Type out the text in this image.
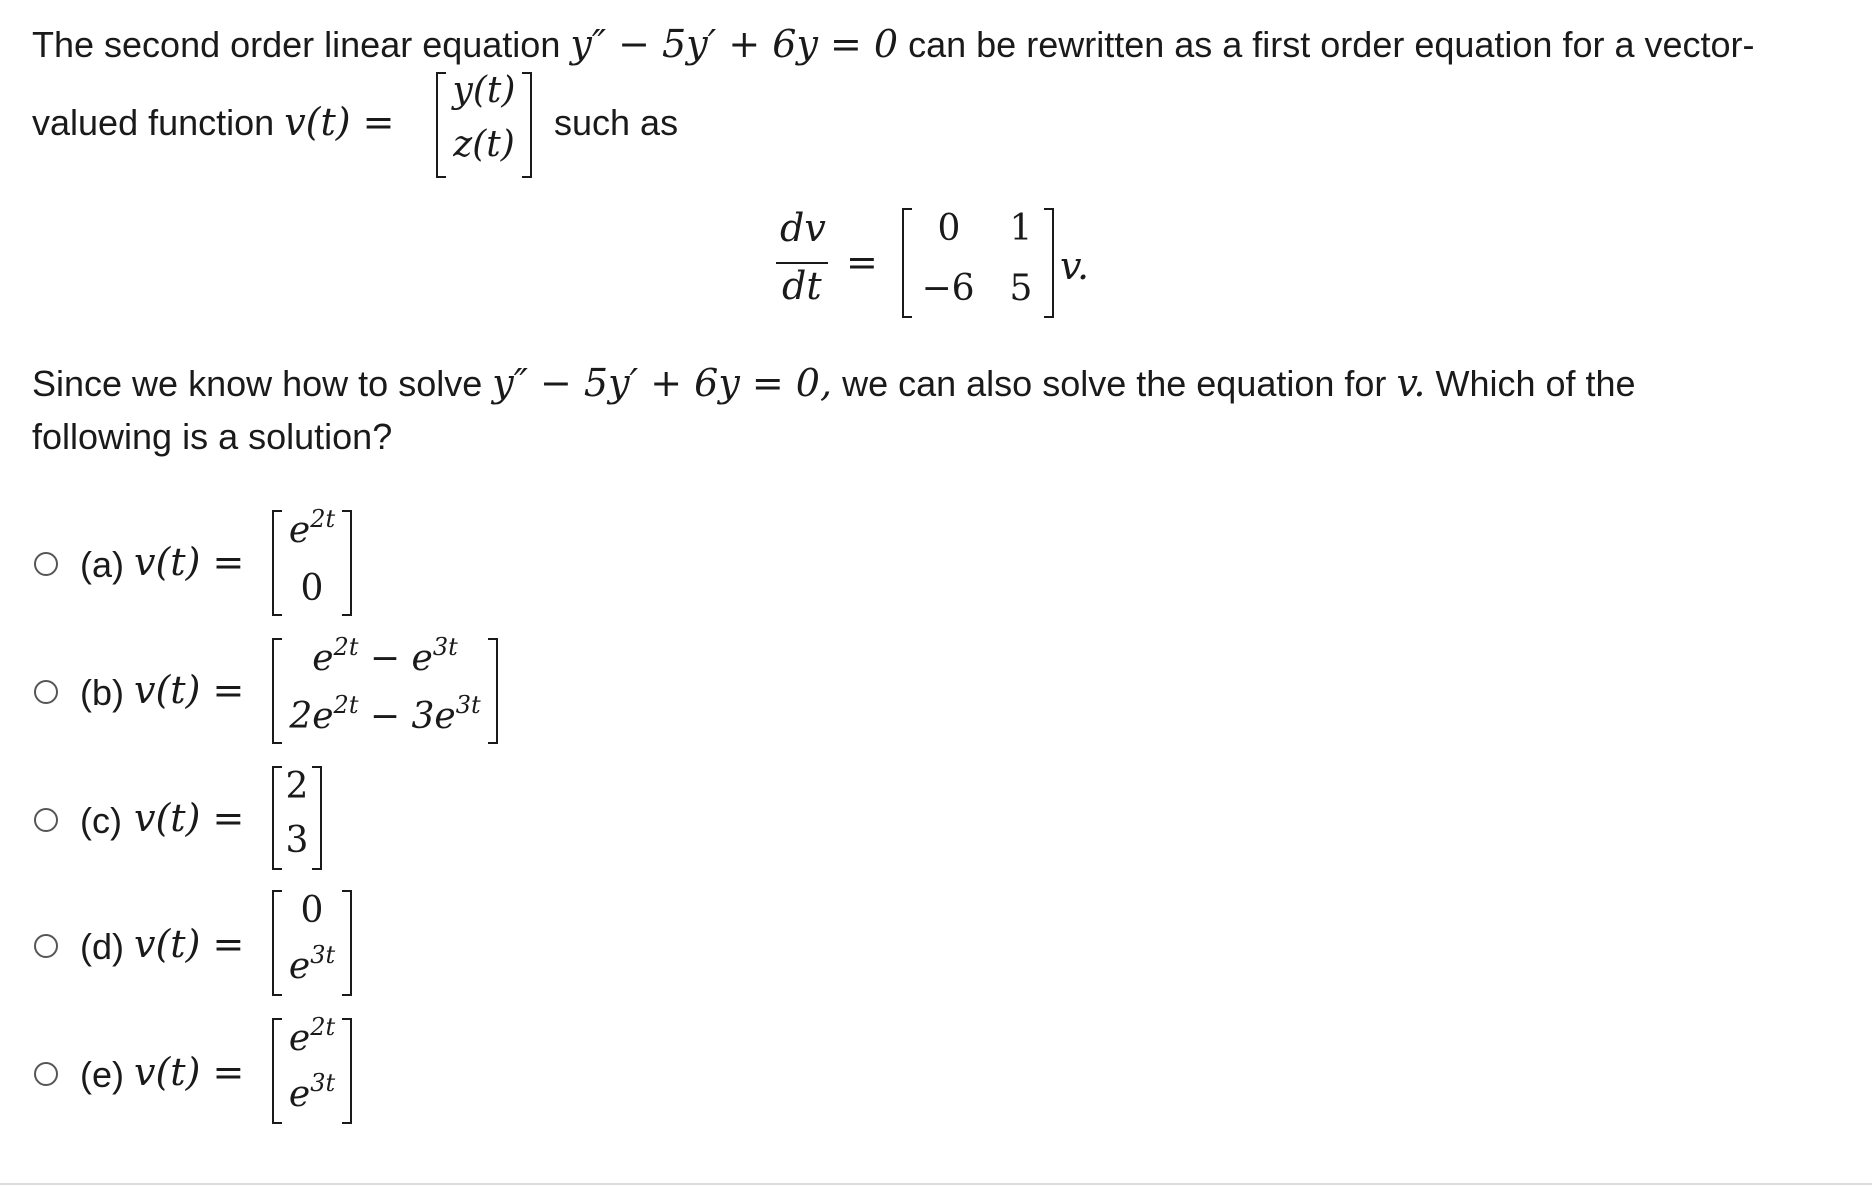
The second order linear equation y″ − 5y′ + 6y = 0 can be rewritten as a first order equation for a vector-
valued function v(t) =
y(t)
z(t)
such as
dv
dt
=
0	1
−6 5
v.
Since we know how to solve y″ − 5y′ + 6y = 0, we can also solve the equation for v. Which of the
following is a solution?
(a) v(t) =
$e^{2t}$
0
(b) v(t) =
$e^{2t} - e^{3t}$
$2e^{2t} - 3e^{3t}$
(c) v(t) =
2
3
(d) v(t) =
0
$e^{3t}$
(e) v(t) =
$e^{2t}$
$e^{3t}$
